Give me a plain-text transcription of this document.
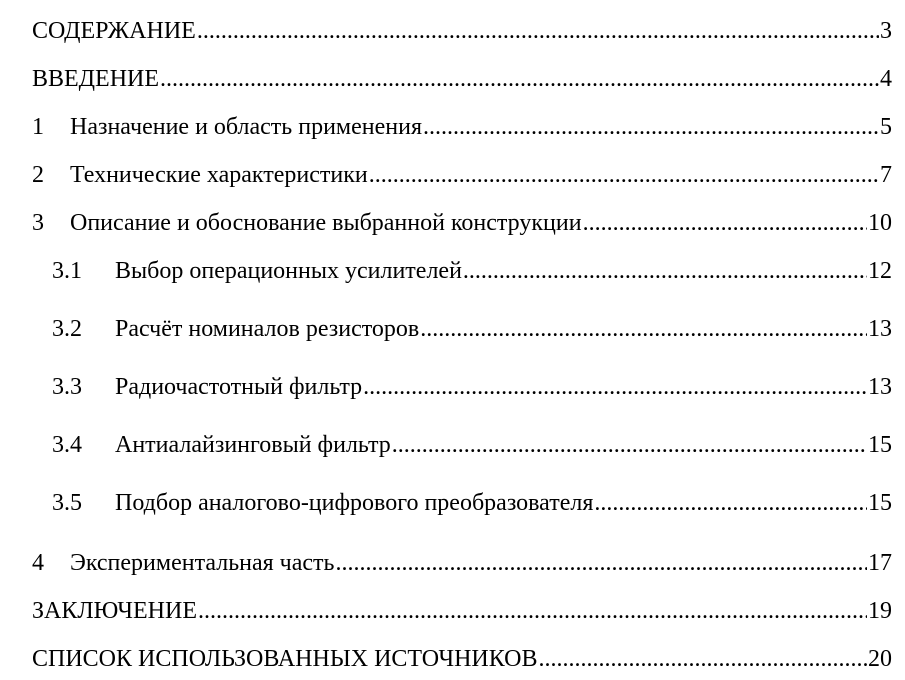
СОДЕРЖАНИЕ .....	3
ВВЕДЕНИЕ .....	4
1	Назначение и область применения .....	5
2	Технические характеристики .....	7
3	Описание и обоснование выбранной конструкции .....	10
3.1	Выбор операционных усилителей .....	12
3.2	Расчёт номиналов резисторов .....	13
3.3	Радиочастотный фильтр .....	13
3.4	Антиалайзинговый фильтр .....	15
3.5	Подбор аналогово-цифрового преобразователя .....	15
4	Экспериментальная часть .....	17
ЗАКЛЮЧЕНИЕ .....	19
СПИСОК ИСПОЛЬЗОВАННЫХ ИСТОЧНИКОВ .....	20
